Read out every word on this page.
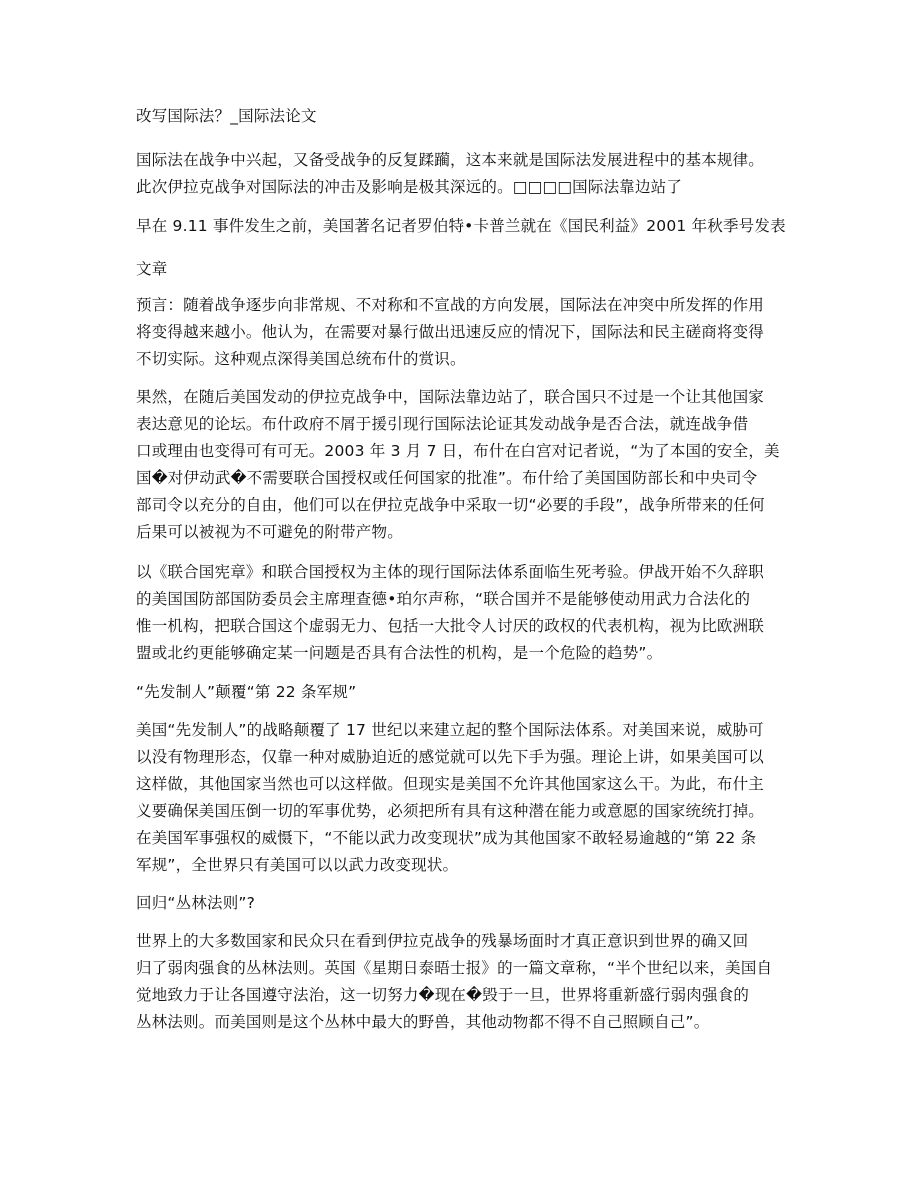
改写国际法？_国际法论文

国际法在战争中兴起，又备受战争的反复蹂躏，这本来就是国际法发展进程中的基本规律。
此次伊拉克战争对国际法的冲击及影响是极其深远的。□□□□国际法靠边站了

早在 9.11 事件发生之前，美国著名记者罗伯特•卡普兰就在《国民利益》2001 年秋季号发表

文章

预言：随着战争逐步向非常规、不对称和不宣战的方向发展，国际法在冲突中所发挥的作用
将变得越来越小。他认为，在需要对暴行做出迅速反应的情况下，国际法和民主磋商将变得
不切实际。这种观点深得美国总统布什的赏识。

果然，在随后美国发动的伊拉克战争中，国际法靠边站了，联合国只不过是一个让其他国家
表达意见的论坛。布什政府不屑于援引现行国际法论证其发动战争是否合法，就连战争借
口或理由也变得可有可无。2003 年 3 月 7 日，布什在白宫对记者说，“为了本国的安全，美
国�对伊动武�不需要联合国授权或任何国家的批准”。布什给了美国国防部长和中央司令
部司令以充分的自由，他们可以在伊拉克战争中采取一切“必要的手段”，战争所带来的任何
后果可以被视为不可避免的附带产物。

以《联合国宪章》和联合国授权为主体的现行国际法体系面临生死考验。伊战开始不久辞职
的美国国防部国防委员会主席理查德•珀尔声称，“联合国并不是能够使动用武力合法化的
惟一机构，把联合国这个虚弱无力、包括一大批令人讨厌的政权的代表机构，视为比欧洲联
盟或北约更能够确定某一问题是否具有合法性的机构，是一个危险的趋势”。

“先发制人”颠覆“第 22 条军规”

美国“先发制人”的战略颠覆了 17 世纪以来建立起的整个国际法体系。对美国来说，威胁可
以没有物理形态，仅靠一种对威胁迫近的感觉就可以先下手为强。理论上讲，如果美国可以
这样做，其他国家当然也可以这样做。但现实是美国不允许其他国家这么干。为此，布什主
义要确保美国压倒一切的军事优势，必须把所有具有这种潜在能力或意愿的国家统统打掉。
在美国军事强权的威慑下，“不能以武力改变现状”成为其他国家不敢轻易逾越的“第 22 条
军规”，全世界只有美国可以以武力改变现状。

回归“丛林法则”?

世界上的大多数国家和民众只在看到伊拉克战争的残暴场面时才真正意识到世界的确又回
归了弱肉强食的丛林法则。英国《星期日泰晤士报》的一篇文章称，“半个世纪以来，美国自
觉地致力于让各国遵守法治，这一切努力�现在�毁于一旦，世界将重新盛行弱肉强食的
丛林法则。而美国则是这个丛林中最大的野兽，其他动物都不得不自己照顾自己”。
